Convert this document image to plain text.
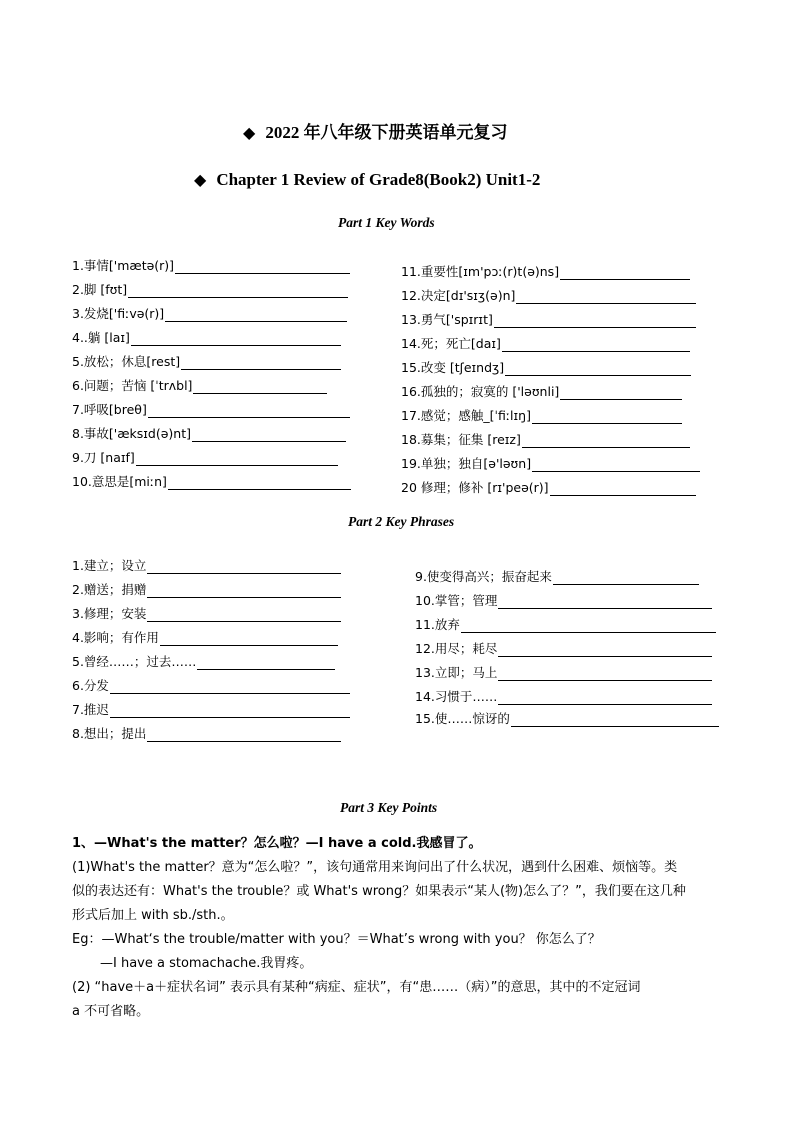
◆ 2022 年八年级下册英语单元复习
◆ Chapter 1 Review of Grade8(Book2) Unit1-2
Part 1 Key Words
1.事情['mætə(r)]
2.脚 [fʊt]
3.发烧['fiːvə(r)]
4..躺 [laɪ]
5.放松；休息[rest]
6.问题；苦恼 [ˈtrʌbl]
7.呼吸[breθ]
8.事故['æksɪd(ə)nt]
9.刀 [naɪf]
10.意思是[miːn]
11.重要性[ɪm'pɔː(r)t(ə)ns]
12.决定[dɪ'sɪʒ(ə)n]
13.勇气['spɪrɪt]
14.死；死亡[daɪ]
15.改变 [tʃeɪndʒ]
16.孤独的；寂寞的 ['ləʊnli]
17.感觉；感触_[ˈfiːlɪŋ]
18.募集；征集 [reɪz]
19.单独；独自[ə'ləʊn]
20 修理；修补 [rɪ'peə(r)]
Part 2 Key Phrases
1.建立；设立
2.赠送；捐赠
3.修理；安装
4.影响；有作用
5.曾经……；过去……
6.分发
7.推迟
8.想出；提出
9.使变得高兴；振奋起来
10.掌管；管理
11.放弃
12.用尽；耗尽
13.立即；马上
14.习惯于……
15.使……惊讶的
Part 3 Key Points
1、—What's the matter？怎么啦？—I have a cold.我感冒了。
(1)What's the matter？意为“怎么啦？”，该句通常用来询问出了什么状况，遇到什么困难、烦恼等。类
似的表达还有：What's the trouble？或 What's wrong？如果表示“某人(物)怎么了？”，我们要在这几种
形式后加上 with sb./sth.。
Eg：—What‘s the trouble/matter with you？＝What’s wrong with you？ 你怎么了？
—I have a stomachache.我胃疼。
(2) “have＋a＋症状名词” 表示具有某种“病症、症状”，有“患……（病）”的意思，其中的不定冠词
a 不可省略。
